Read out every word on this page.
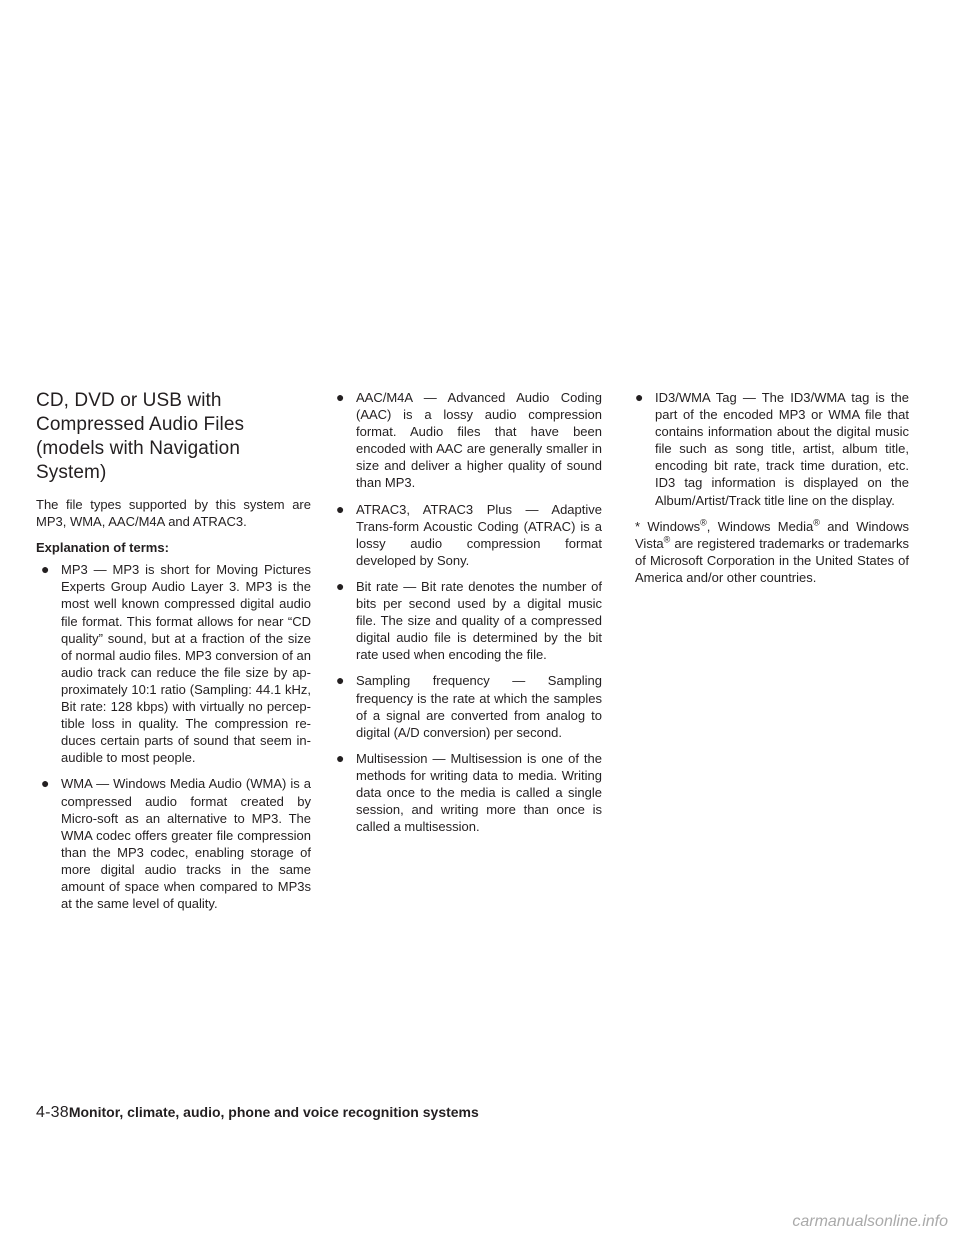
CD, DVD or USB with Compressed Audio Files (models with Navigation System)

The file types supported by this system are MP3, WMA, AAC/M4A and ATRAC3.

Explanation of terms:

● MP3 — MP3 is short for Moving Pictures Experts Group Audio Layer 3. MP3 is the most well known compressed digital audio file format. This format allows for near “CD quality” sound, but at a fraction of the size of normal audio files. MP3 conversion of an audio track can reduce the file size by ap-proximately 10:1 ratio (Sampling: 44.1 kHz, Bit rate: 128 kbps) with virtually no percep-tible loss in quality. The compression re-duces certain parts of sound that seem in-audible to most people.
● WMA — Windows Media Audio (WMA) is a compressed audio format created by Micro-soft as an alternative to MP3. The WMA codec offers greater file compression than the MP3 codec, enabling storage of more digital audio tracks in the same amount of space when compared to MP3s at the same level of quality.
● AAC/M4A — Advanced Audio Coding (AAC) is a lossy audio compression format. Audio files that have been encoded with AAC are generally smaller in size and deliver a higher quality of sound than MP3.
● ATRAC3, ATRAC3 Plus — Adaptive Trans-form Acoustic Coding (ATRAC) is a lossy audio compression format developed by Sony.
● Bit rate — Bit rate denotes the number of bits per second used by a digital music file. The size and quality of a compressed digital audio file is determined by the bit rate used when encoding the file.
● Sampling frequency — Sampling frequency is the rate at which the samples of a signal are converted from analog to digital (A/D conversion) per second.
● Multisession — Multisession is one of the methods for writing data to media. Writing data once to the media is called a single session, and writing more than once is called a multisession.
● ID3/WMA Tag — The ID3/WMA tag is the part of the encoded MP3 or WMA file that contains information about the digital music file such as song title, artist, album title, encoding bit rate, track time duration, etc. ID3 tag information is displayed on the Album/Artist/Track title line on the display.

* Windows®, Windows Media® and Windows Vista® are registered trademarks or trademarks of Microsoft Corporation in the United States of America and/or other countries.

4-38Monitor, climate, audio, phone and voice recognition systems
carmanualsonline.info
